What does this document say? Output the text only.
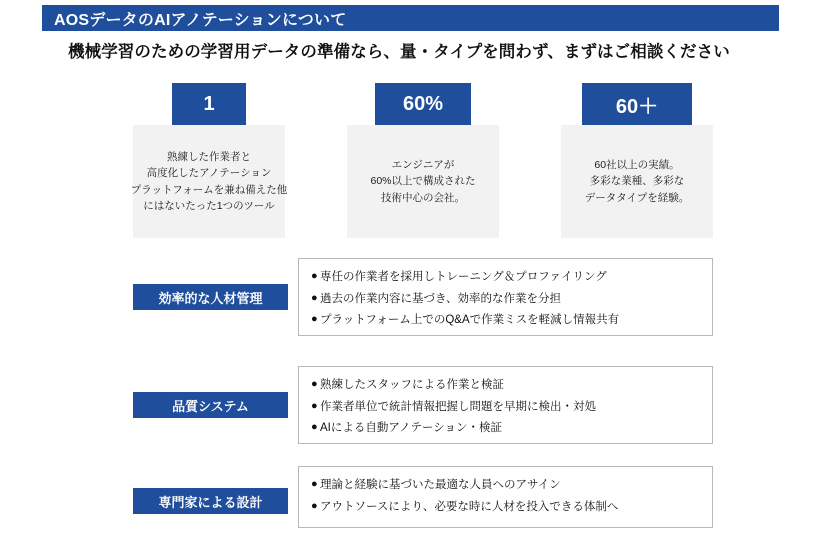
AOSデータのAIアノテーションについて
機械学習のための学習用データの準備なら、量・タイプを問わず、まずはご相談ください
1
熟練した作業者と
高度化したアノテーション
プラットフォームを兼ね備えた他
にはないたった1つのツール
60%
エンジニアが
60%以上で構成された
技術中心の会社。
60＋
60社以上の実績。
多彩な業種、多彩な
データタイプを経験。
効率的な人材管理
● 専任の作業者を採用しトレーニング＆プロファイリング
● 過去の作業内容に基づき、効率的な作業を分担
● プラットフォーム上でのQ&Aで作業ミスを軽減し情報共有
品質システム
● 熟練したスタッフによる作業と検証
● 作業者単位で統計情報把握し問題を早期に検出・対処
● AIによる自動アノテーション・検証
専門家による設計
● 理論と経験に基づいた最適な人員へのアサイン
● アウトソースにより、必要な時に人材を投入できる体制へ
